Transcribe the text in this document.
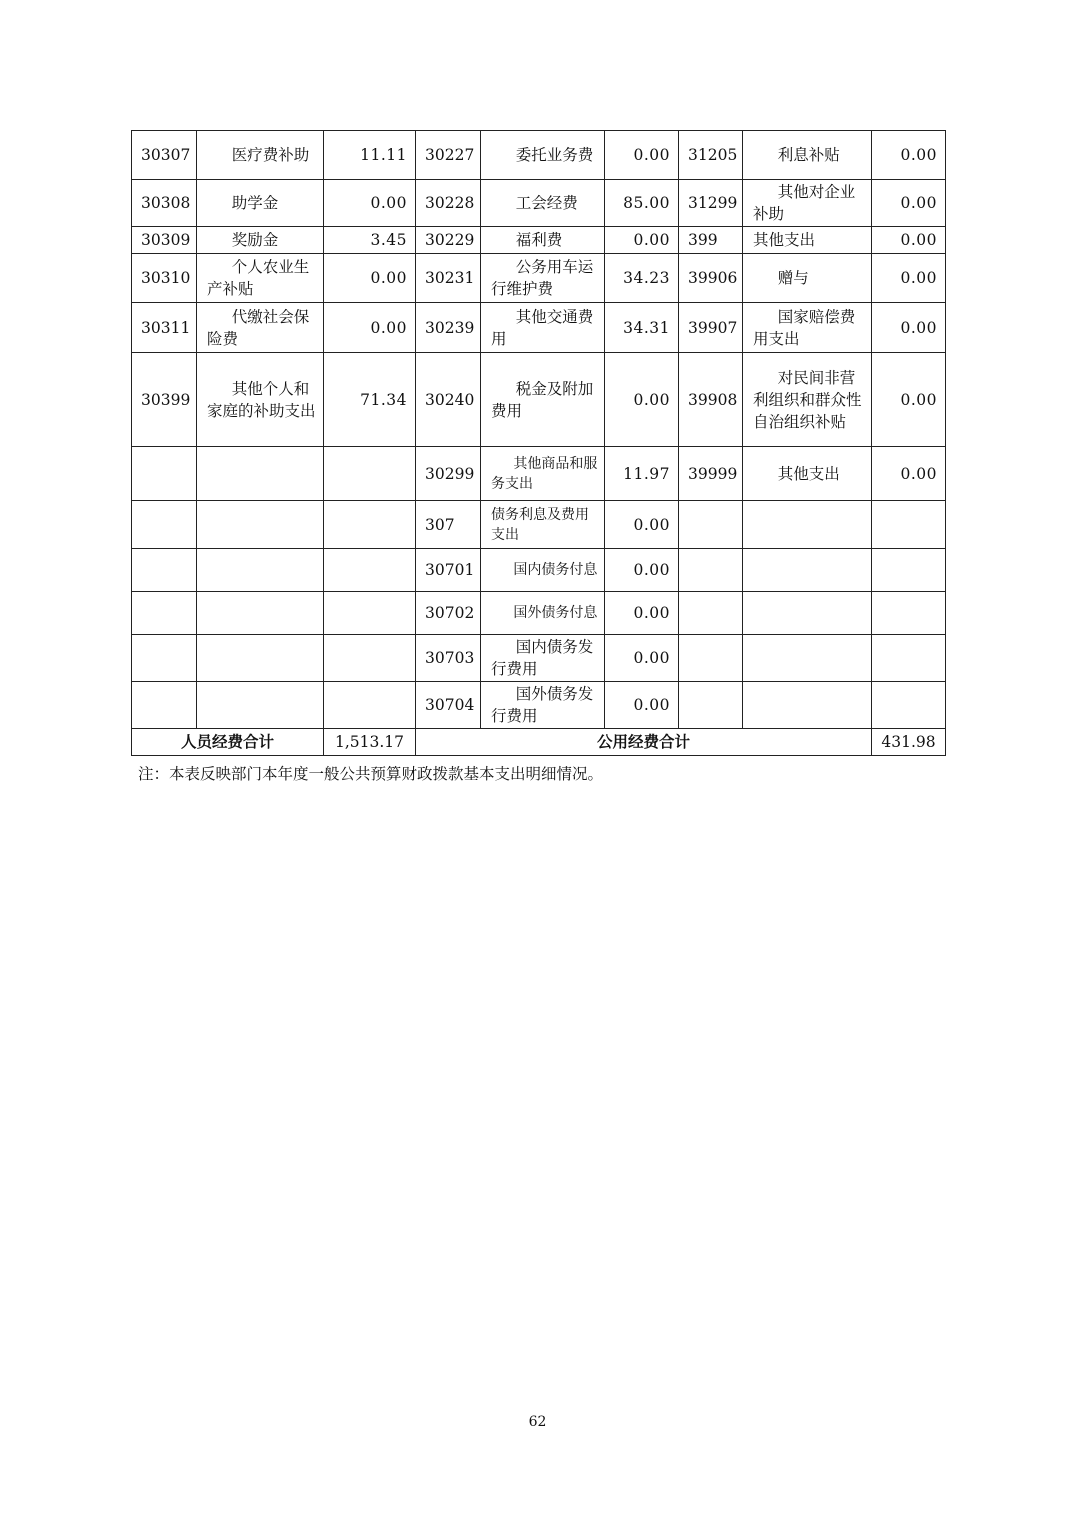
30307	医疗费补助	11.11	30227	委托业务费	0.00	31205	利息补贴	0.00
30308	助学金	0.00	30228	工会经费	85.00	31299	其他对企业补助	0.00
30309	奖励金	3.45	30229	福利费	0.00	399	其他支出	0.00
30310	个人农业生产补贴	0.00	30231	公务用车运行维护费	34.23	39906	赠与	0.00
30311	代缴社会保险费	0.00	30239	其他交通费用	34.31	39907	国家赔偿费用支出	0.00
30399	其他个人和家庭的补助支出	71.34	30240	税金及附加费用	0.00	39908	对民间非营利组织和群众性自治组织补贴	0.00

		30299	其他商品和服务支出	11.97	39999	其他支出	0.00

		307	债务利息及费用支出	0.00		

		30701	国内债务付息	0.00		

		30702	国外债务付息	0.00		

		30703	国内债务发行费用	0.00		

		30704	国外债务发行费用	0.00		

人员经费合计		1,513.17	公用经费合计					431.98
注：本表反映部门本年度一般公共预算财政拨款基本支出明细情况。
62
